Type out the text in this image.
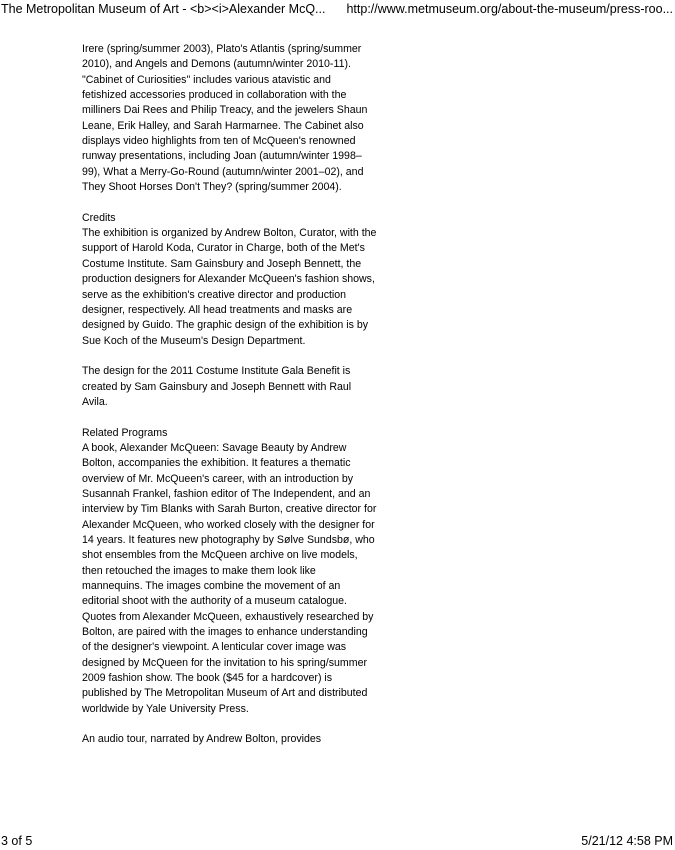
The Metropolitan Museum of Art - <b><i>Alexander McQ... http://www.metmuseum.org/about-the-museum/press-roo...

Irere (spring/summer 2003), Plato's Atlantis (spring/summer 2010), and Angels and Demons (autumn/winter 2010-11). "Cabinet of Curiosities" includes various atavistic and fetishized accessories produced in collaboration with the milliners Dai Rees and Philip Treacy, and the jewelers Shaun Leane, Erik Halley, and Sarah Harmarnee. The Cabinet also displays video highlights from ten of McQueen's renowned runway presentations, including Joan (autumn/winter 1998–99), What a Merry-Go-Round (autumn/winter 2001–02), and They Shoot Horses Don't They? (spring/summer 2004).

Credits
The exhibition is organized by Andrew Bolton, Curator, with the support of Harold Koda, Curator in Charge, both of the Met's Costume Institute. Sam Gainsbury and Joseph Bennett, the production designers for Alexander McQueen's fashion shows, serve as the exhibition's creative director and production designer, respectively. All head treatments and masks are designed by Guido. The graphic design of the exhibition is by Sue Koch of the Museum's Design Department.

The design for the 2011 Costume Institute Gala Benefit is created by Sam Gainsbury and Joseph Bennett with Raul Avila.

Related Programs
A book, Alexander McQueen: Savage Beauty by Andrew Bolton, accompanies the exhibition. It features a thematic overview of Mr. McQueen's career, with an introduction by Susannah Frankel, fashion editor of The Independent, and an interview by Tim Blanks with Sarah Burton, creative director for Alexander McQueen, who worked closely with the designer for 14 years. It features new photography by Sølve Sundsbø, who shot ensembles from the McQueen archive on live models, then retouched the images to make them look like mannequins. The images combine the movement of an editorial shoot with the authority of a museum catalogue. Quotes from Alexander McQueen, exhaustively researched by Bolton, are paired with the images to enhance understanding of the designer's viewpoint. A lenticular cover image was designed by McQueen for the invitation to his spring/summer 2009 fashion show. The book ($45 for a hardcover) is published by The Metropolitan Museum of Art and distributed worldwide by Yale University Press.

An audio tour, narrated by Andrew Bolton, provides

3 of 5	5/21/12 4:58 PM
